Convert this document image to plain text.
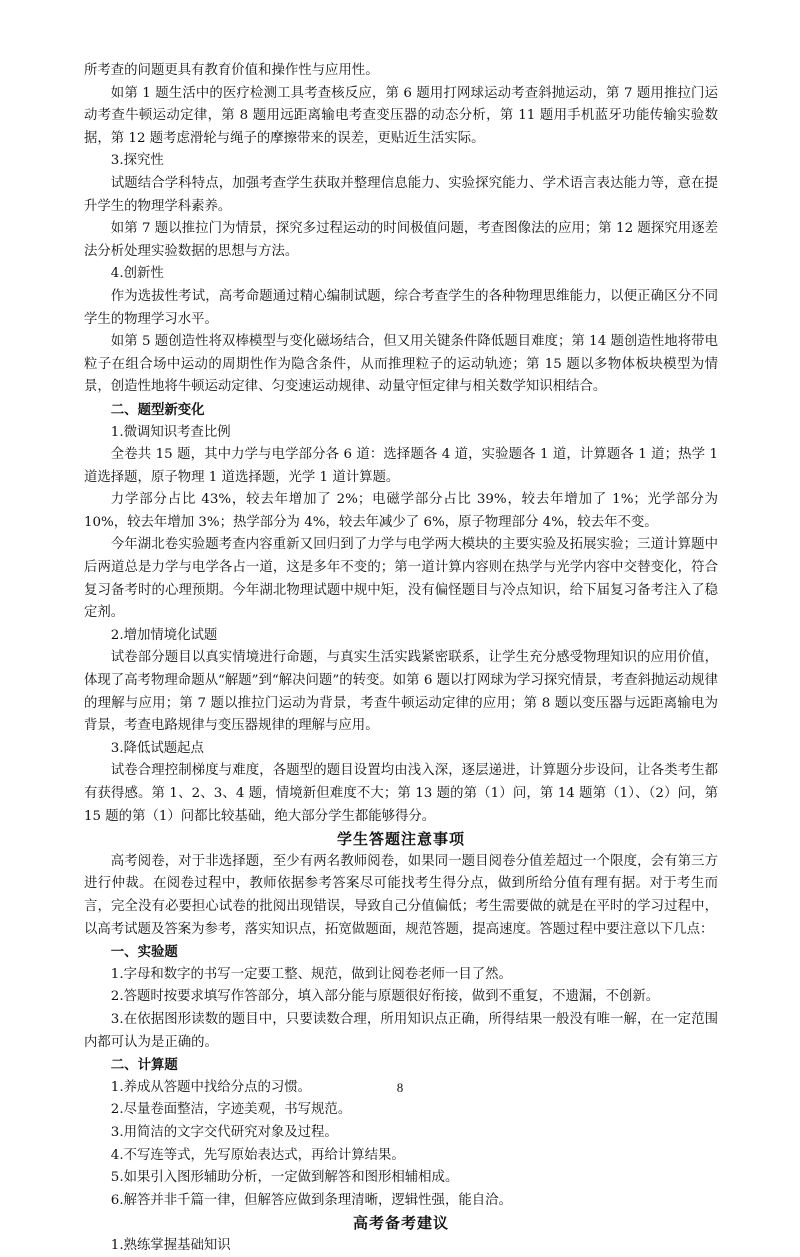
所考查的问题更具有教育价值和操作性与应用性。

如第 1 题生活中的医疗检测工具考查核反应，第 6 题用打网球运动考查斜抛运动，第 7 题用推拉门运动考查牛顿运动定律，第 8 题用远距离输电考查变压器的动态分析，第 11 题用手机蓝牙功能传输实验数据，第 12 题考虑滑轮与绳子的摩擦带来的误差，更贴近生活实际。

3.探究性

试题结合学科特点，加强考查学生获取并整理信息能力、实验探究能力、学术语言表达能力等，意在提升学生的物理学科素养。

如第 7 题以推拉门为情景，探究多过程运动的时间极值问题，考查图像法的应用；第 12 题探究用逐差法分析处理实验数据的思想与方法。

4.创新性

作为选拔性考试，高考命题通过精心编制试题，综合考查学生的各种物理思维能力，以便正确区分不同学生的物理学习水平。

如第 5 题创造性将双棒模型与变化磁场结合，但又用关键条件降低题目难度；第 14 题创造性地将带电粒子在组合场中运动的周期性作为隐含条件，从而推理粒子的运动轨迹；第 15 题以多物体板块模型为情景，创造性地将牛顿运动定律、匀变速运动规律、动量守恒定律与相关数学知识相结合。

二、题型新变化

1.微调知识考查比例

全卷共 15 题，其中力学与电学部分各 6 道：选择题各 4 道，实验题各 1 道，计算题各 1 道；热学 1 道选择题，原子物理 1 道选择题，光学 1 道计算题。

力学部分占比 43%，较去年增加了 2%；电磁学部分占比 39%，较去年增加了 1%；光学部分为 10%，较去年增加 3%；热学部分为 4%，较去年减少了 6%，原子物理部分 4%，较去年不变。

今年湖北卷实验题考查内容重新又回归到了力学与电学两大模块的主要实验及拓展实验；三道计算题中后两道总是力学与电学各占一道，这是多年不变的；第一道计算内容则在热学与光学内容中交替变化，符合复习备考时的心理预期。今年湖北物理试题中规中矩，没有偏怪题目与冷点知识，给下届复习备考注入了稳定剂。

2.增加情境化试题

试卷部分题目以真实情境进行命题，与真实生活实践紧密联系，让学生充分感受物理知识的应用价值，体现了高考物理命题从“解题”到“解决问题”的转变。如第 6 题以打网球为学习探究情景，考查斜抛运动规律的理解与应用；第 7 题以推拉门运动为背景，考查牛顿运动定律的应用；第 8 题以变压器与远距离输电为背景，考查电路规律与变压器规律的理解与应用。

3.降低试题起点

试卷合理控制梯度与难度，各题型的题目设置均由浅入深，逐层递进，计算题分步设问，让各类考生都有获得感。第 1、2、3、4 题，情境新但难度不大；第 13 题的第（1）问，第 14 题第（1）、（2）问，第 15 题的第（1）问都比较基础，绝大部分学生都能够得分。

学生答题注意事项

高考阅卷，对于非选择题，至少有两名教师阅卷，如果同一题目阅卷分值差超过一个限度，会有第三方进行仲裁。在阅卷过程中，教师依据参考答案尽可能找考生得分点，做到所给分值有理有据。对于考生而言，完全没有必要担心试卷的批阅出现错误，导致自己分值偏低；考生需要做的就是在平时的学习过程中，以高考试题及答案为参考，落实知识点，拓宽做题面，规范答题，提高速度。答题过程中要注意以下几点：

一、实验题

1.字母和数字的书写一定要工整、规范，做到让阅卷老师一目了然。

2.答题时按要求填写作答部分，填入部分能与原题很好衔接，做到不重复，不遗漏，不创新。

3.在依据图形读数的题目中，只要读数合理，所用知识点正确，所得结果一般没有唯一解，在一定范围内都可认为是正确的。

二、计算题

1.养成从答题中找给分点的习惯。

2.尽量卷面整洁，字迹美观，书写规范。

3.用简洁的文字交代研究对象及过程。

4.不写连等式，先写原始表达式，再给计算结果。

5.如果引入图形辅助分析，一定做到解答和图形相辅相成。

6.解答并非千篇一律，但解答应做到条理清晰，逻辑性强，能自洽。

高考备考建议

1.熟练掌握基础知识

8
